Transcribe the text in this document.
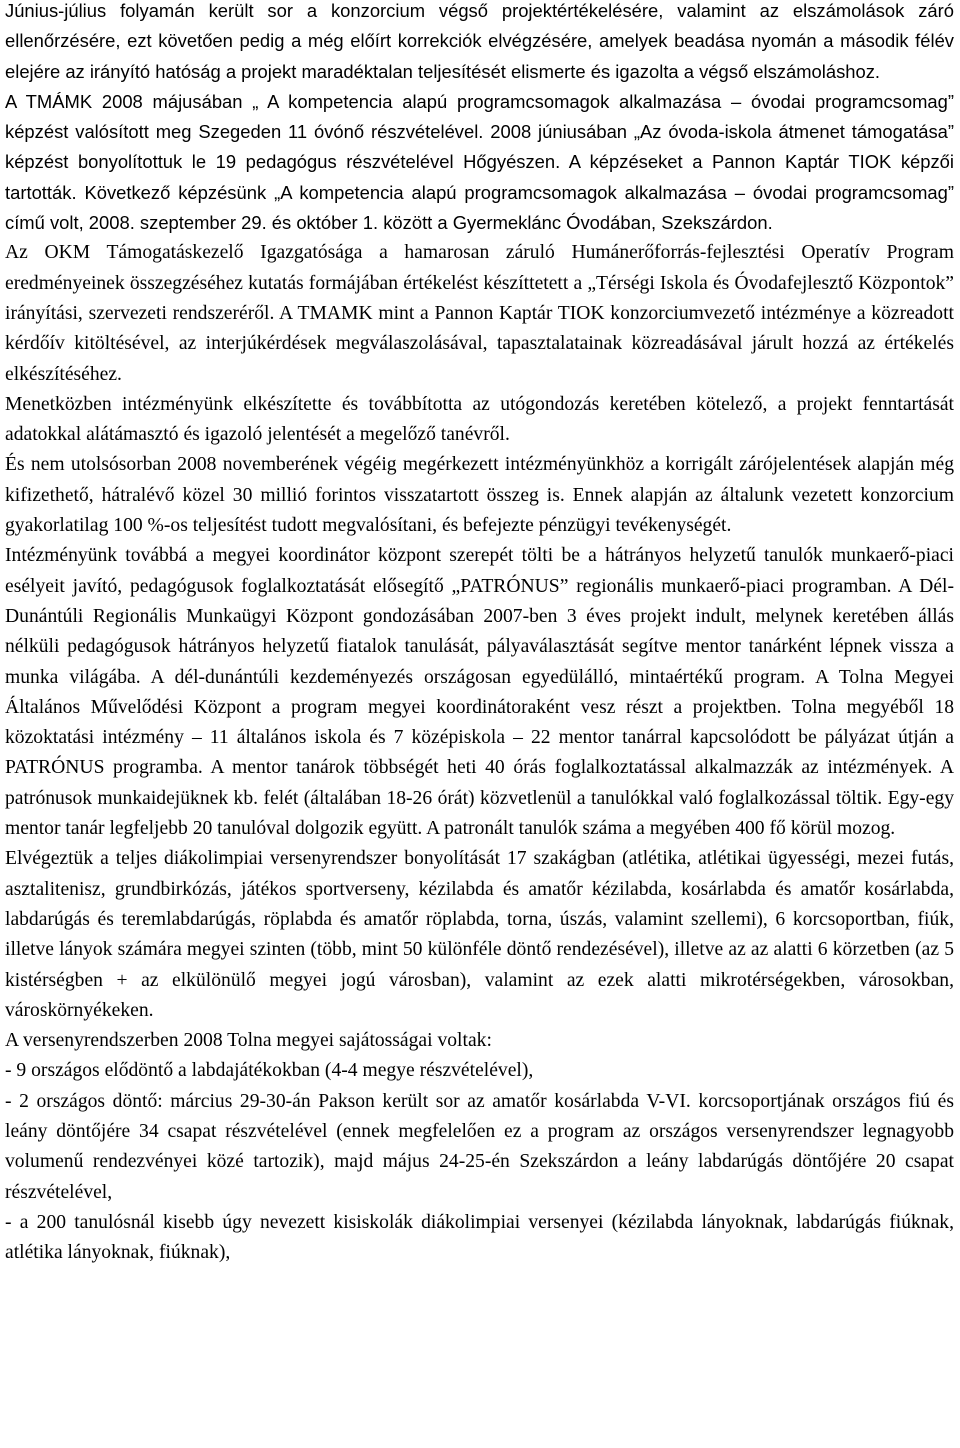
Június-július folyamán került sor a konzorcium végső projektértékelésére, valamint az elszámolások záró ellenőrzésére, ezt követően pedig a még előírt korrekciók elvégzésére, amelyek beadása nyomán a második félév elejére az irányító hatóság a projekt maradéktalan teljesítését elismerte és igazolta a végső elszámoláshoz.

A TMÁMK 2008 májusában „ A kompetencia alapú programcsomagok alkalmazása – óvodai programcsomag” képzést valósított meg Szegeden 11 óvónő részvételével. 2008 júniusában „Az óvoda-iskola átmenet támogatása” képzést bonyolítottuk le 19 pedagógus részvételével Hőgyészen. A képzéseket a Pannon Kaptár TIOK képzői tartották. Következő képzésünk „A kompetencia alapú programcsomagok alkalmazása – óvodai programcsomag” című volt, 2008. szeptember 29. és október 1. között a Gyermeklánc Óvodában, Szekszárdon.

Az OKM Támogatáskezelő Igazgatósága a hamarosan záruló Humánerőforrás-fejlesztési Operatív Program eredményeinek összegzéséhez kutatás formájában értékelést készíttetett a „Térségi Iskola és Óvodafejlesztő Központok” irányítási, szervezeti rendszeréről. A TMAMK mint a Pannon Kaptár TIOK konzorciumvezető intézménye a közreadott kérdőív kitöltésével, az interjúkérdések megválaszolásával, tapasztalatainak közreadásával járult hozzá az értékelés elkészítéséhez.

Menetközben intézményünk elkészítette és továbbította az utógondozás keretében kötelező, a projekt fenntartását adatokkal alátámasztó és igazoló jelentését a megelőző tanévről.

És nem utolsósorban 2008 novemberének végéig megérkezett intézményünkhöz a korrigált zárójelentések alapján még kifizethető, hátralévő közel 30 millió forintos visszatartott összeg is. Ennek alapján az általunk vezetett konzorcium gyakorlatilag 100 %-os teljesítést tudott megvalósítani, és befejezte pénzügyi tevékenységét.

Intézményünk továbbá a megyei koordinátor központ szerepét tölti be a hátrányos helyzetű tanulók munkaerő-piaci esélyeit javító, pedagógusok foglalkoztatását elősegítő „PATRÓNUS” regionális munkaerő-piaci programban. A Dél-Dunántúli Regionális Munkaügyi Központ gondozásában 2007-ben 3 éves projekt indult, melynek keretében állás nélküli pedagógusok hátrányos helyzetű fiatalok tanulását, pályaválasztását segítve mentor tanárként lépnek vissza a munka világába. A dél-dunántúli kezdeményezés országosan egyedülálló, mintaértékű program. A Tolna Megyei Általános Művelődési Központ a program megyei koordinátoraként vesz részt a projektben. Tolna megyéből 18 közoktatási intézmény – 11 általános iskola és 7 középiskola – 22 mentor tanárral kapcsolódott be pályázat útján a PATRÓNUS programba. A mentor tanárok többségét heti 40 órás foglalkoztatással alkalmazzák az intézmények. A patrónusok munkaidejüknek kb. felét (általában 18-26 órát) közvetlenül a tanulókkal való foglalkozással töltik. Egy-egy mentor tanár legfeljebb 20 tanulóval dolgozik együtt. A patronált tanulók száma a megyében 400 fő körül mozog.

Elvégeztük a teljes diákolimpiai versenyrendszer bonyolítását 17 szakágban (atlétika, atlétikai ügyességi, mezei futás, asztalitenisz, grundbirkózás, játékos sportverseny, kézilabda és amatőr kézilabda, kosárlabda és amatőr kosárlabda, labdarúgás és teremlabdarúgás, röplabda és amatőr röplabda, torna, úszás, valamint szellemi), 6 korcsoportban, fiúk, illetve lányok számára megyei szinten (több, mint 50 különféle döntő rendezésével), illetve az az alatti 6 körzetben (az 5 kistérségben + az elkülönülő megyei jogú városban), valamint az ezek alatti mikrotérségekben, városokban, városkörnyékeken.

A versenyrendszerben 2008 Tolna megyei sajátosságai voltak:

- 9 országos elődöntő a labdajátékokban (4-4 megye részvételével),

- 2 országos döntő: március 29-30-án Pakson került sor az amatőr kosárlabda V-VI. korcsoportjának országos fiú és leány döntőjére 34 csapat részvételével (ennek megfelelően ez a program az országos versenyrendszer legnagyobb volumenű rendezvényei közé tartozik), majd május 24-25-én Szekszárdon a leány labdarúgás döntőjére 20 csapat részvételével,

- a 200 tanulósnál kisebb úgy nevezett kisiskolák diákolimpiai versenyei (kézilabda lányoknak, labdarúgás fiúknak, atlétika lányoknak, fiúknak),
